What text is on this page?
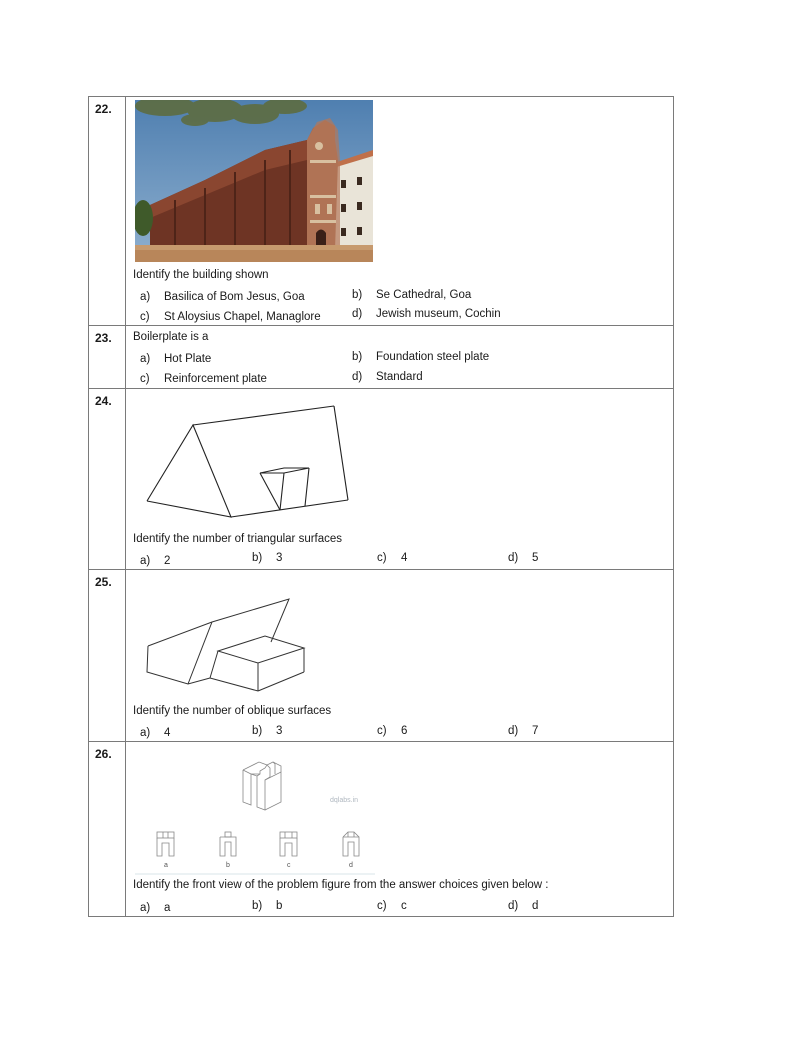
22.
Identify the building shown
a) Basilica of Bom Jesus, Goa	b) Se Cathedral, Goa
c) St Aloysius Chapel, Managlore	d) Jewish museum, Cochin
23.	Boilerplate is a
a) Hot Plate	b) Foundation steel plate
c) Reinforcement plate	d) Standard
24.
Identify the number of triangular surfaces
a) 2	b) 3	c) 4	d) 5
25.
Identify the number of oblique surfaces
a) 4	b) 3	c) 6	d) 7
26.
dqlabs.in
a	b	c	d
Identify the front view of the problem figure from the answer choices given below :
a) a	b) b	c) c	d) d
